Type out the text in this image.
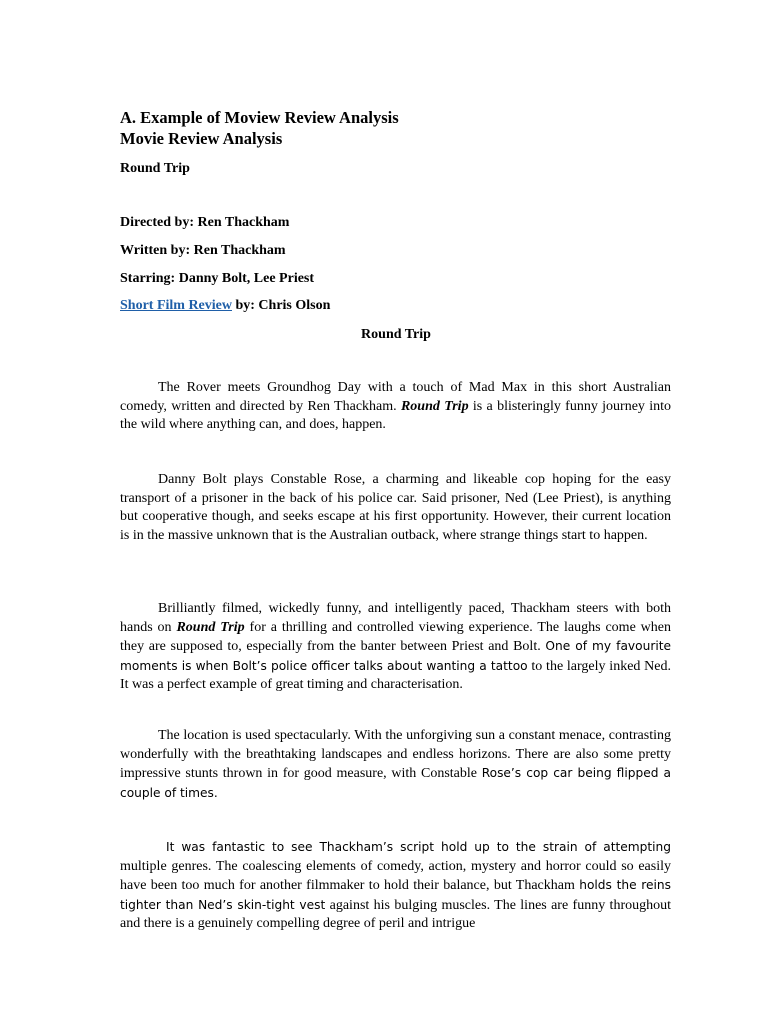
A. Example of Moview Review Analysis
Movie Review Analysis
Round Trip
Directed by: Ren Thackham
Written by: Ren Thackham
Starring: Danny Bolt, Lee Priest
Short Film Review by: Chris Olson
Round Trip
The Rover meets Groundhog Day with a touch of Mad Max in this short Australian comedy, written and directed by Ren Thackham. Round Trip is a blisteringly funny journey into the wild where anything can, and does, happen.
Danny Bolt plays Constable Rose, a charming and likeable cop hoping for the easy transport of a prisoner in the back of his police car. Said prisoner, Ned (Lee Priest), is anything but cooperative though, and seeks escape at his first opportunity. However, their current location is in the massive unknown that is the Australian outback, where strange things start to happen.
Brilliantly filmed, wickedly funny, and intelligently paced, Thackham steers with both hands on Round Trip for a thrilling and controlled viewing experience. The laughs come when they are supposed to, especially from the banter between Priest and Bolt. One of my favourite moments is when Bolt’s police officer talks about wanting a tattoo to the largely inked Ned. It was a perfect example of great timing and characterisation.
The location is used spectacularly. With the unforgiving sun a constant menace, contrasting wonderfully with the breathtaking landscapes and endless horizons. There are also some pretty impressive stunts thrown in for good measure, with Constable Rose’s cop car being flipped a couple of times.
It was fantastic to see Thackham’s script hold up to the strain of attempting multiple genres. The coalescing elements of comedy, action, mystery and horror could so easily have been too much for another filmmaker to hold their balance, but Thackham holds the reins tighter than Ned’s skin-tight vest against his bulging muscles. The lines are funny throughout and there is a genuinely compelling degree of peril and intrigue
